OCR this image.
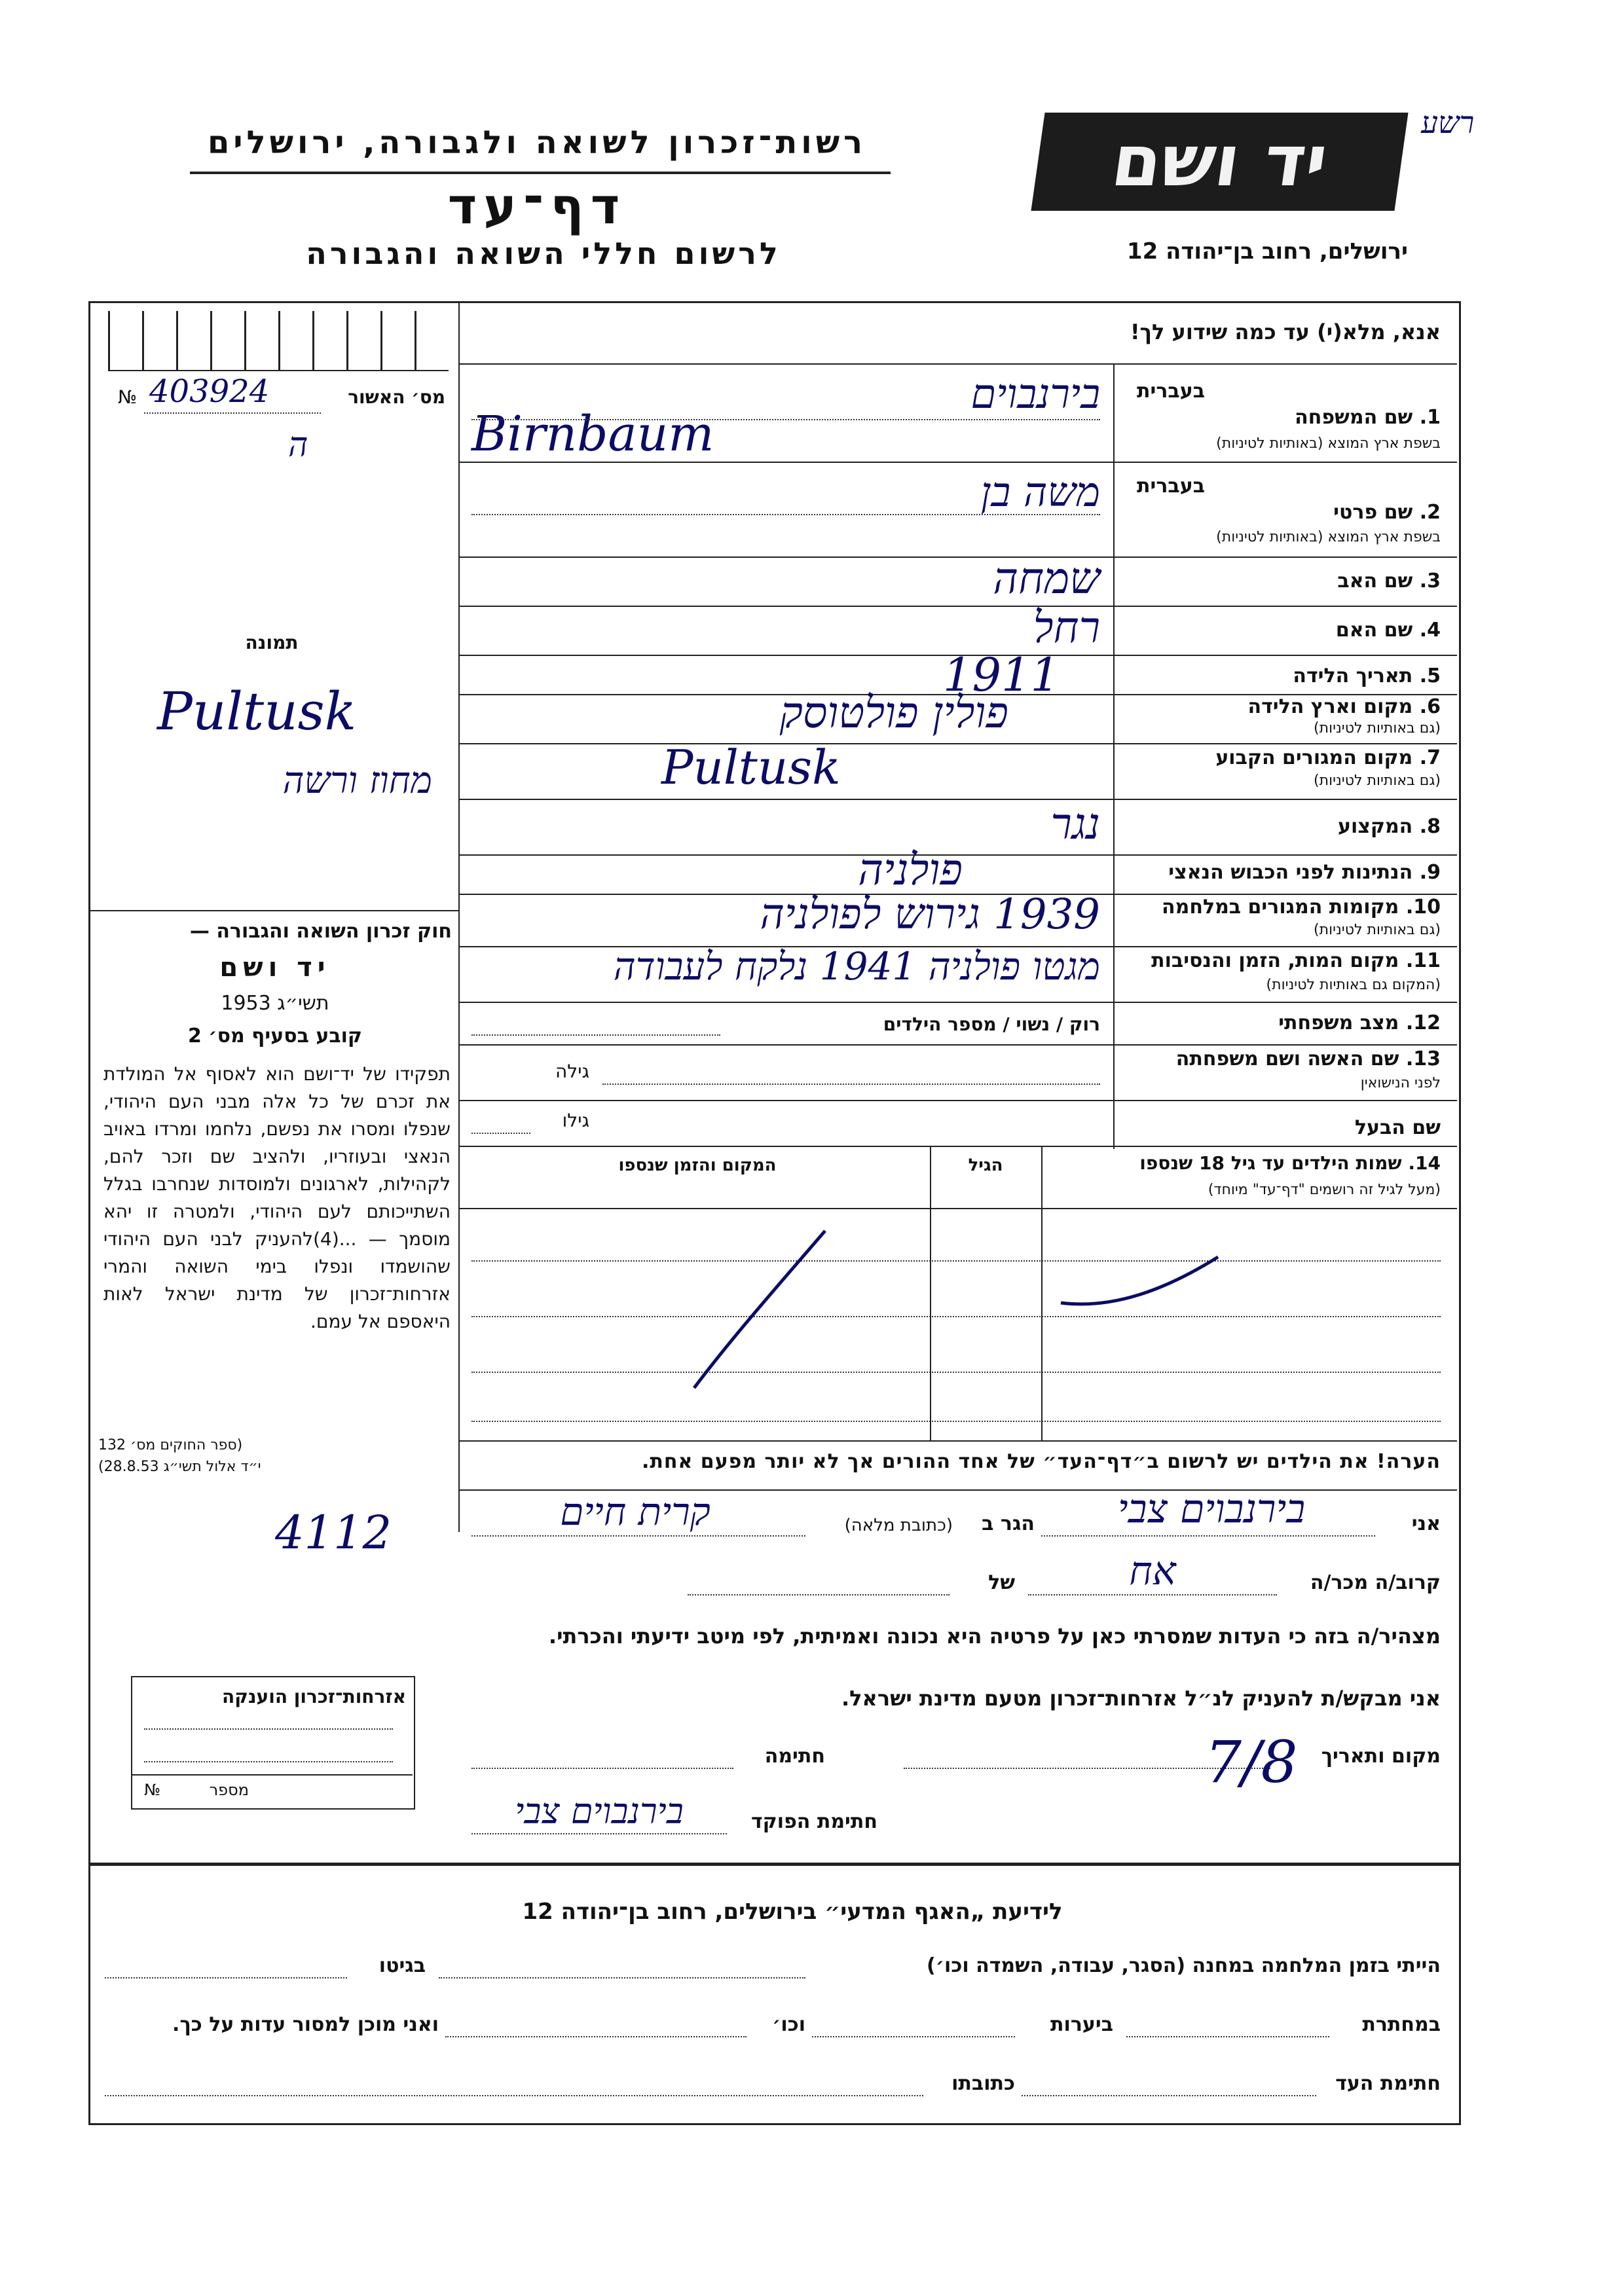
רשות־זכרון לשואה ולגבורה, ירושלים
דף־עד
לרשום חללי השואה והגבורה
יד ושם
ירושלים, רחוב בן־יהודה 12
רשע
אנא, מלא(י) עד כמה שידוע לך!
№ 403924	מס׳ האשור
ה
תמונה
Pultusk
מחוז ורשה
חוק זכרון השואה והגבורה —
יד ושם
תשי״ג 1953
קובע בסעיף מס׳ 2
תפקידו של יד־ושם הוא לאסוף אל המולדת את זכרם של כל אלה מבני העם היהודי, שנפלו ומסרו את נפשם, נלחמו ומרדו באויב הנאצי ובעוזריו, ולהציב שם וזכר להם, לקהילות, לארגונים ולמוסדות שנחרבו בגלל השתייכותם לעם היהודי, ולמטרה זו יהא מוסמך — ...(4)להעניק לבני העם היהודי שהושמדו ונפלו בימי השואה והמרי אזרחות־זכרון של מדינת ישראל לאות היאספם אל עמם.
(ספר החוקים מס׳ 132
י״ד אלול תשי״ג 28.8.53)
בעברית
1. שם המשפחה
בשפת ארץ המוצא (באותיות לטיניות)
בירנבוים
Birnbaum
בעברית
2. שם פרטי
בשפת ארץ המוצא (באותיות לטיניות)
משה בן
3. שם האב
שמחה
4. שם האם
רחל
5. תאריך הלידה
1911
6. מקום וארץ הלידה
(גם באותיות לטיניות)
פולין פולטוסק
7. מקום המגורים הקבוע
(גם באותיות לטיניות)
Pultusk
8. המקצוע
נגר
9. הנתינות לפני הכבוש הנאצי
פולניה
10. מקומות המגורים במלחמה
(גם באותיות לטיניות)
1939 גירוש לפולניה
11. מקום המות, הזמן והנסיבות
(המקום גם באותיות לטיניות)
מגטו פולניה 1941 נלקח לעבודה
12. מצב משפחתי
רוק / נשוי / מספר הילדים
13. שם האשה ושם משפחתה
לפני הנישואין
גילה
שם הבעל
גילו
14. שמות הילדים עד גיל 18 שנספו
(מעל לגיל זה רושמים "דף־עד" מיוחד)
הגיל
המקום והזמן שנספו
הערה! את הילדים יש לרשום ב״דף־העד״ של אחד ההורים אך לא יותר מפעם אחת.
אני
בירנבוים צבי
הגר ב
(כתובת מלאה)
קרית חיים
4112
קרוב/ה מכר/ה
אח
של
מצהיר/ה בזה כי העדות שמסרתי כאן על פרטיה היא נכונה ואמיתית, לפי מיטב ידיעתי והכרתי.
אני מבקש/ת להעניק לנ״ל אזרחות־זכרון מטעם מדינת ישראל.
מקום ותאריך
7/8
חתימה
חתימת הפוקד
בירנבוים צבי
אזרחות־זכרון הוענקה
№	מספר
לידיעת „האגף המדעי״ בירושלים, רחוב בן־יהודה 12
הייתי בזמן המלחמה במחנה (הסגר, עבודה, השמדה וכו׳)
בגיטו
במחתרת
ביערות
וכו׳
ואני מוכן למסור עדות על כך.
חתימת העד
כתובתו
